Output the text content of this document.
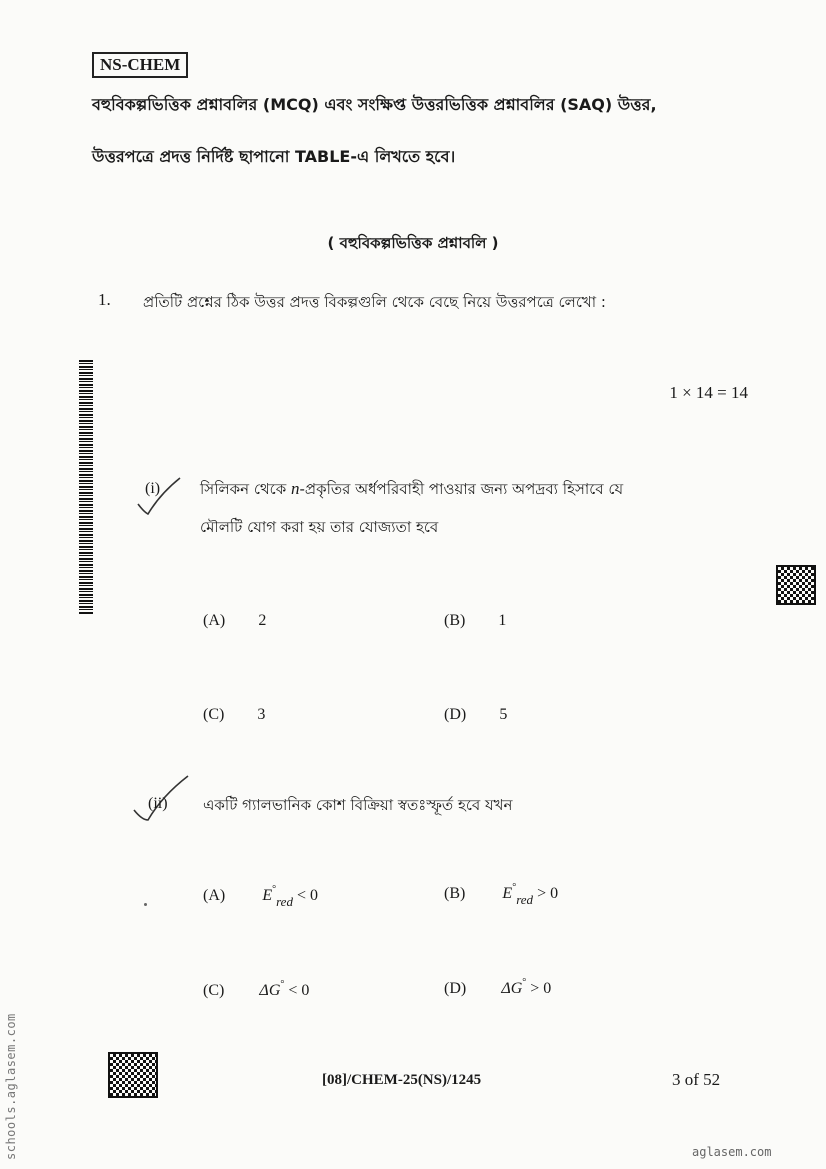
NS-CHEM
বহুবিকল্পভিত্তিক প্রশ্নাবলির (MCQ) এবং সংক্ষিপ্ত উত্তরভিত্তিক প্রশ্নাবলির (SAQ) উত্তর,
উত্তরপত্রে প্রদত্ত নির্দিষ্ট ছাপানো TABLE-এ লিখতে হবে।
( বহুবিকল্পভিত্তিক প্রশ্নাবলি )
1. প্রতিটি প্রশ্নের ঠিক উত্তর প্রদত্ত বিকল্পগুলি থেকে বেছে নিয়ে উত্তরপত্রে লেখো :
1 × 14 = 14
(i)	সিলিকন থেকে n-প্রকৃতির অর্ধপরিবাহী পাওয়ার জন্য অপদ্রব্য হিসাবে যে
মৌলটি যোগ করা হয় তার যোজ্যতা হবে
(A) 2	(B) 1
(C) 3	(D) 5
(ii) একটি গ্যালভানিক কোশ বিক্রিয়া স্বতঃস্ফূর্ত হবে যখন
(A) $E^\circ_{red} < 0$	(B) $E^\circ_{red} > 0$
(C) ΔG° < 0	(D) ΔG° > 0
[08]/CHEM-25(NS)/1245	3 of 52
schools.aglasem.com	aglasem.com
